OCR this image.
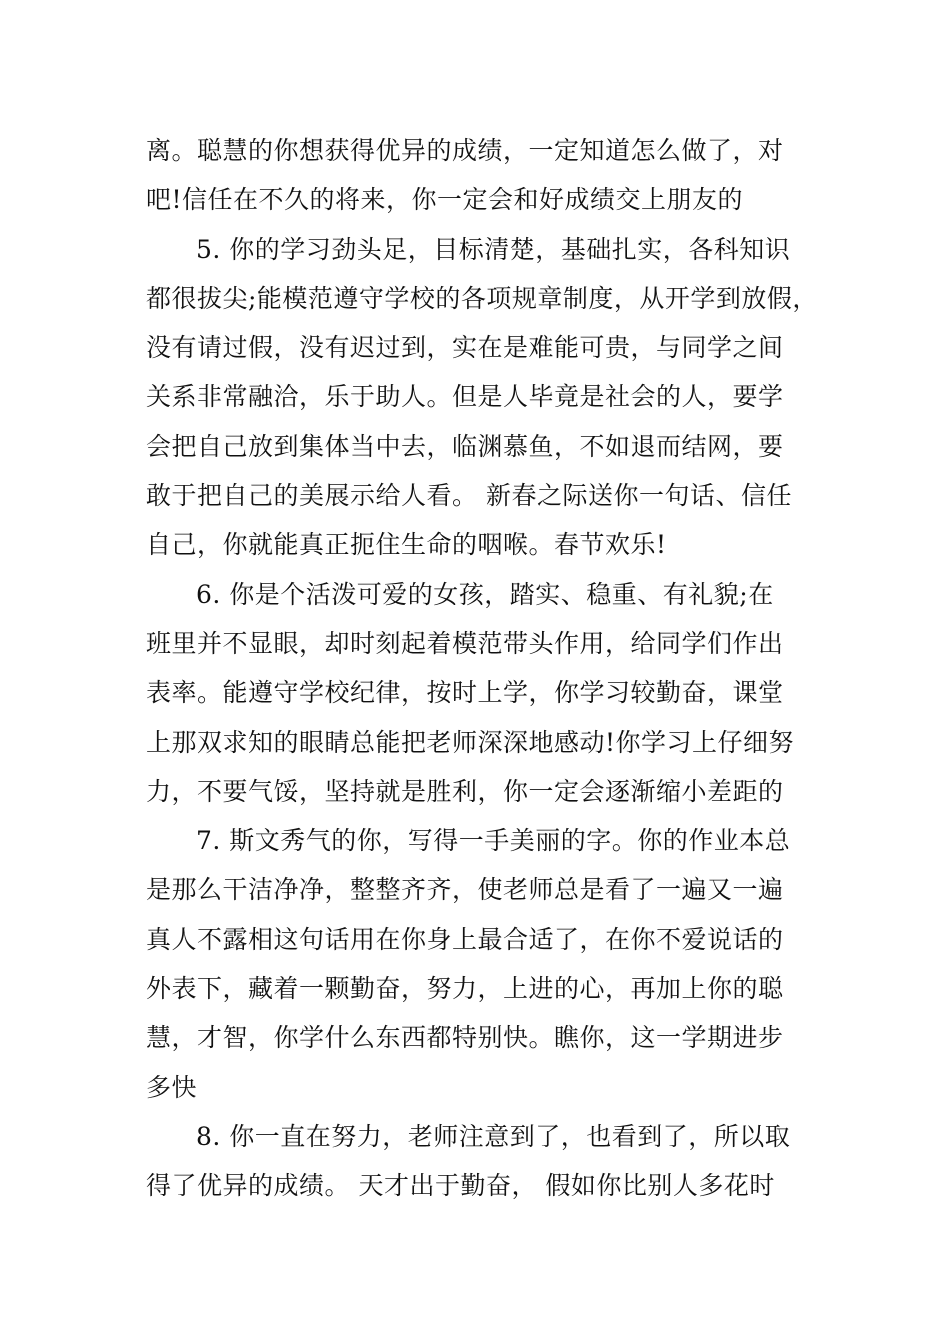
离。聪慧的你想获得优异的成绩，一定知道怎么做了，对
吧!信任在不久的将来，你一定会和好成绩交上朋友的
5. 你的学习劲头足，目标清楚，基础扎实，各科知识
都很拔尖;能模范遵守学校的各项规章制度，从开学到放假，
没有请过假，没有迟过到，实在是难能可贵，与同学之间
关系非常融洽，乐于助人。但是人毕竟是社会的人，要学
会把自己放到集体当中去，临渊慕鱼，不如退而结网，要
敢于把自己的美展示给人看。 新春之际送你一句话、信任
自己，你就能真正扼住生命的咽喉。春节欢乐!
6. 你是个活泼可爱的女孩，踏实、稳重、有礼貌;在
班里并不显眼，却时刻起着模范带头作用，给同学们作出
表率。能遵守学校纪律，按时上学，你学习较勤奋，课堂
上那双求知的眼睛总能把老师深深地感动!你学习上仔细努
力，不要气馁，坚持就是胜利，你一定会逐渐缩小差距的
7. 斯文秀气的你，写得一手美丽的字。你的作业本总
是那么干洁净净，整整齐齐，使老师总是看了一遍又一遍
真人不露相这句话用在你身上最合适了，在你不爱说话的
外表下，藏着一颗勤奋，努力，上进的心，再加上你的聪
慧，才智，你学什么东西都特别快。瞧你，这一学期进步
多快
8. 你一直在努力，老师注意到了，也看到了，所以取
得了优异的成绩。 天才出于勤奋， 假如你比别人多花时
